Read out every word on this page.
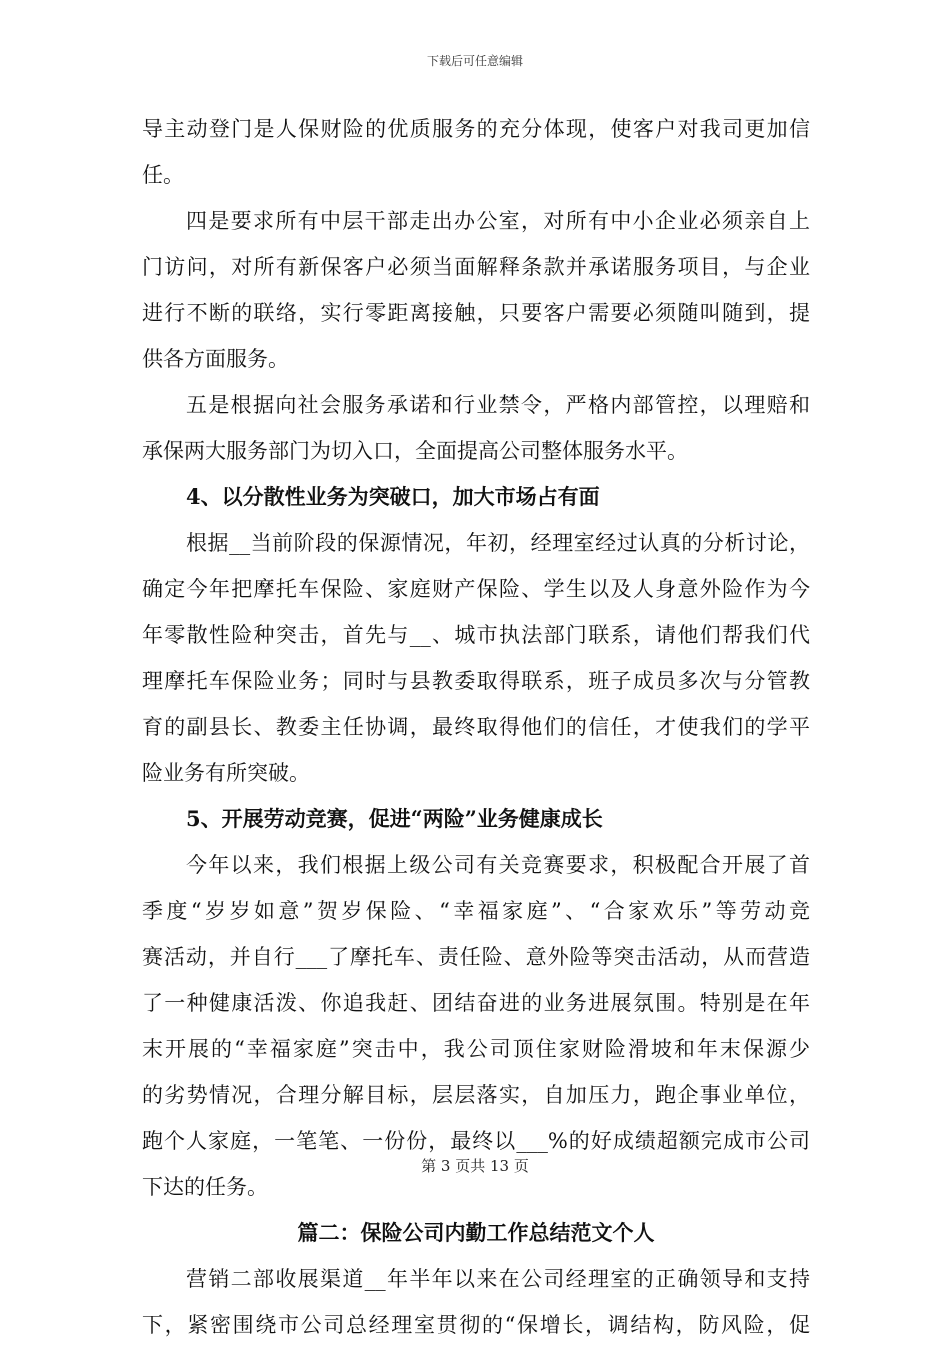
下载后可任意编辑
导主动登门是人保财险的优质服务的充分体现，使客户对我司更加信
任。
四是要求所有中层干部走出办公室，对所有中小企业必须亲自上
门访问，对所有新保客户必须当面解释条款并承诺服务项目，与企业
进行不断的联络，实行零距离接触，只要客户需要必须随叫随到，提
供各方面服务。
五是根据向社会服务承诺和行业禁令，严格内部管控，以理赔和
承保两大服务部门为切入口，全面提高公司整体服务水平。
4、以分散性业务为突破口，加大市场占有面
根据__当前阶段的保源情况，年初，经理室经过认真的分析讨论，
确定今年把摩托车保险、家庭财产保险、学生以及人身意外险作为今
年零散性险种突击，首先与__、城市执法部门联系，请他们帮我们代
理摩托车保险业务；同时与县教委取得联系，班子成员多次与分管教
育的副县长、教委主任协调，最终取得他们的信任，才使我们的学平
险业务有所突破。
5、开展劳动竞赛，促进“两险”业务健康成长
今年以来，我们根据上级公司有关竞赛要求，积极配合开展了首
季度“岁岁如意”贺岁保险、“幸福家庭”、“合家欢乐”等劳动竞
赛活动，并自行___了摩托车、责任险、意外险等突击活动，从而营造
了一种健康活泼、你追我赶、团结奋进的业务进展氛围。特别是在年
末开展的“幸福家庭”突击中，我公司顶住家财险滑坡和年末保源少
的劣势情况，合理分解目标，层层落实，自加压力，跑企事业单位，
跑个人家庭，一笔笔、一份份，最终以___%的好成绩超额完成市公司
下达的任务。
篇二：保险公司内勤工作总结范文个人
营销二部收展渠道__年半年以来在公司经理室的正确领导和支持
下，紧密围绕市公司总经理室贯彻的“保增长，调结构，防风险，促
第 3 页共 13 页
